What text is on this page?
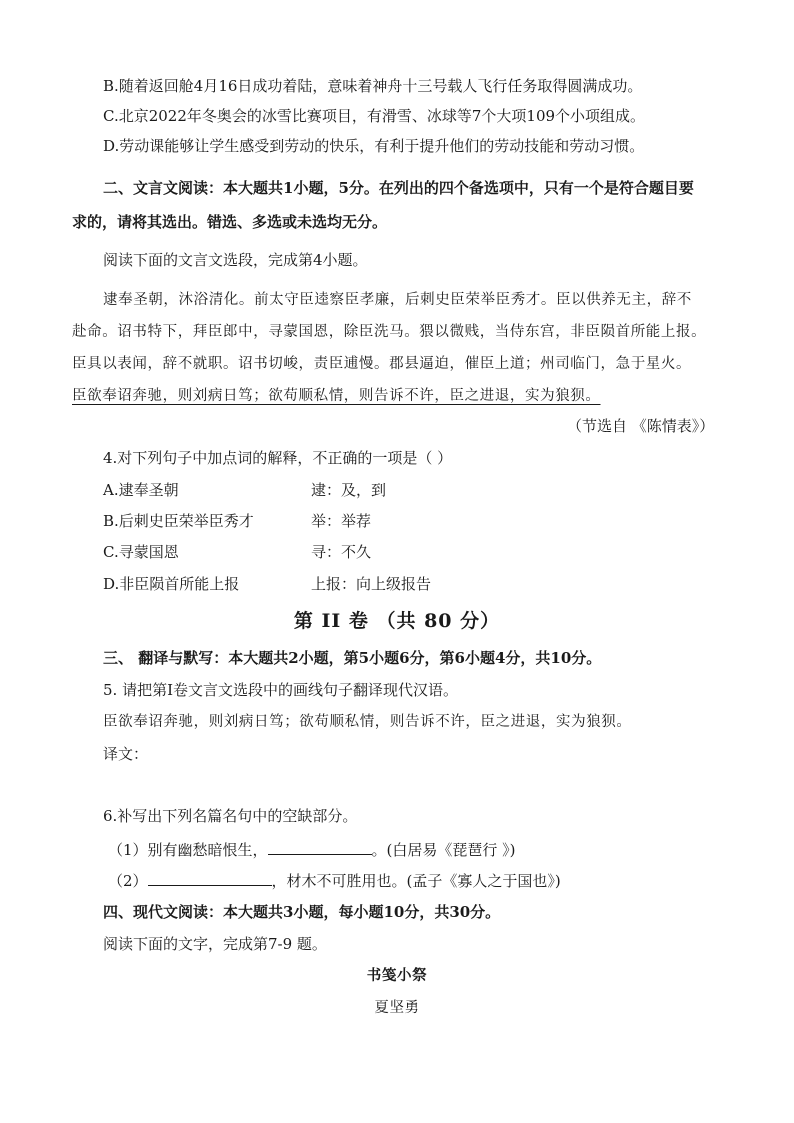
B.随着返回舱4月16日成功着陆，意味着神舟十三号载人飞行任务取得圆满成功。
C.北京2022年冬奥会的冰雪比赛项目，有滑雪、冰球等7个大项109个小项组成。
D.劳动课能够让学生感受到劳动的快乐，有利于提升他们的劳动技能和劳动习惯。
二、文言文阅读：本大题共1小题，5分。在列出的四个备选项中，只有一个是符合题目要
求的，请将其选出。错选、多选或未选均无分。
阅读下面的文言文选段，完成第4小题。
逮奉圣朝，沐浴清化。前太守臣逵察臣孝廉，后刺史臣荣举臣秀才。臣以供养无主，辞不
赴命。诏书特下，拜臣郎中，寻蒙国恩，除臣洗马。猥以微贱，当侍东宫，非臣陨首所能上报。
臣具以表闻，辞不就职。诏书切峻，责臣逋慢。郡县逼迫，催臣上道；州司临门，急于星火。
臣欲奉诏奔驰，则刘病日笃；欲苟顺私情，则告诉不许，臣之进退，实为狼狈。
（节选自 《陈情表》）
4.对下列句子中加点词的解释，不正确的一项是（ ）
A.逮奉圣朝	逮：及，到
B.后刺史臣荣举臣秀才	举：举荐
C.寻蒙国恩	寻：不久
D.非臣陨首所能上报	上报：向上级报告
第 II 卷 （共 80 分）
三、 翻译与默写：本大题共2小题，第5小题6分，第6小题4分，共10分。
5. 请把第Ⅰ卷文言文选段中的画线句子翻译现代汉语。
臣欲奉诏奔驰，则刘病日笃；欲苟顺私情，则告诉不许，臣之进退，实为狼狈。
译文：
6.补写出下列名篇名句中的空缺部分。
（1）别有幽愁暗恨生，	。(白居易《琵琶行 》)
（2）	，材木不可胜用也。(孟子《寡人之于国也》)
四、现代文阅读：本大题共3小题，每小题10分，共30分。
阅读下面的文字，完成第7-9 题。
书笺小祭
夏坚勇
